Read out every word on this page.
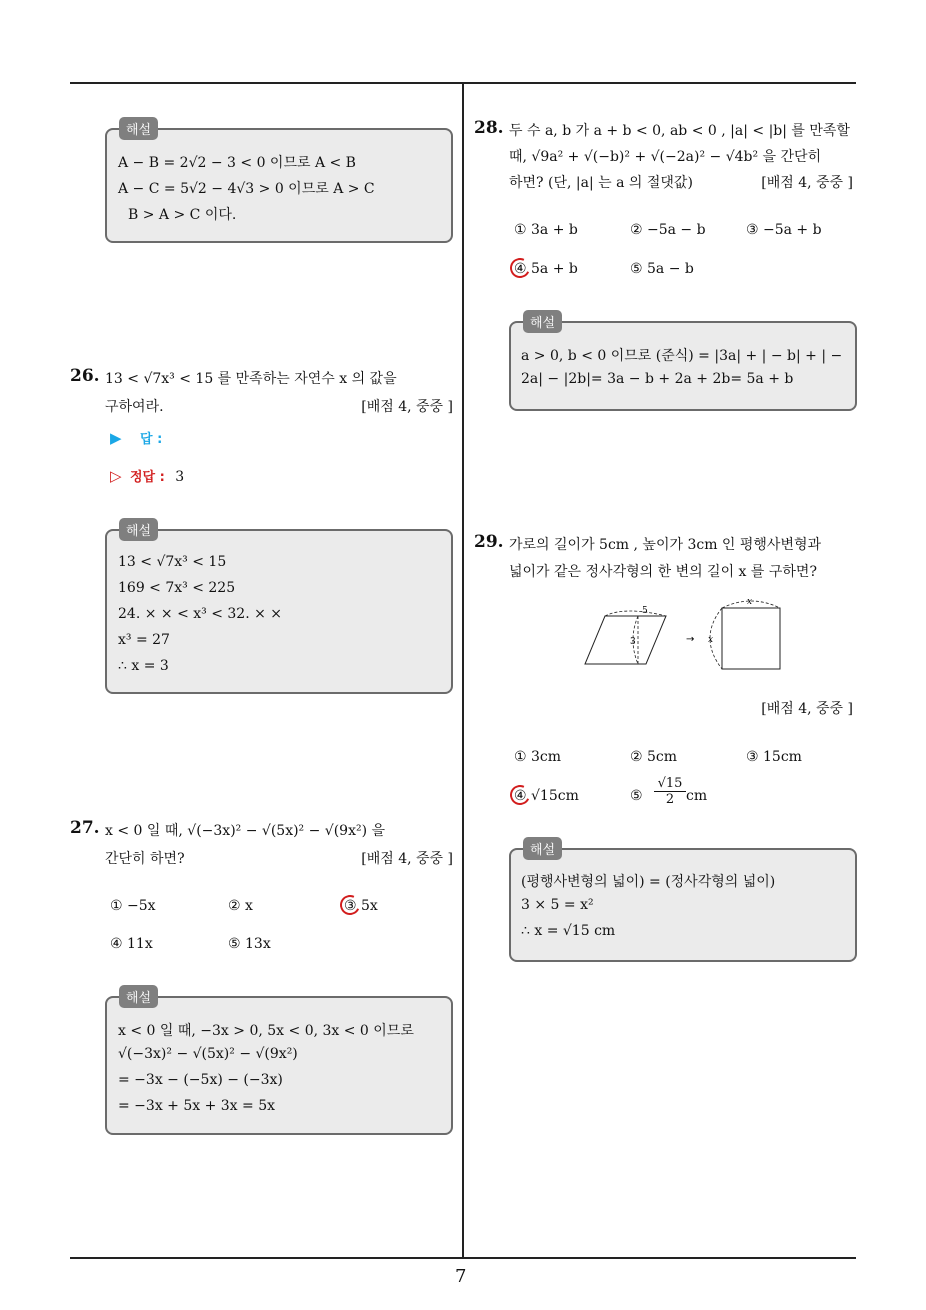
7
해설
A − B = 2√2 − 3 < 0 이므로 A < B
A − C = 5√2 − 4√3 > 0 이므로 A > C
B > A > C 이다.
26. 13 < √7x³ < 15 를 만족하는 자연수 x 의 값을
구하여라.	[배점 4, 중중 ]
▶ 답 :
▷ 정답 : 3
해설
13 < √7x³ < 15
169 < 7x³ < 225
24. × × < x³ < 32. × ×
x³ = 27
∴ x = 3
27. x < 0 일 때, √(−3x)² − √(5x)² − √(9x²) 을
간단히 하면?	[배점 4, 중중 ]
① −5x	② x	③ 5x
④ 11x	⑤ 13x
해설
x < 0 일 때, −3x > 0, 5x < 0, 3x < 0 이므로
√(−3x)² − √(5x)² − √(9x²)
= −3x − (−5x) − (−3x)
= −3x + 5x + 3x = 5x
28. 두 수 a, b 가 a + b < 0, ab < 0 , |a| < |b| 를 만족할
때, √9a² + √(−b)² + √(−2a)² − √4b² 을 간단히
하면? (단, |a| 는 a 의 절댓값)	[배점 4, 중중 ]
① 3a + b	② −5a − b	③ −5a + b
④ 5a + b	⑤ 5a − b
해설
a > 0, b < 0 이므로 (준식) = |3a| + | − b| + | −
2a| − |2b|= 3a − b + 2a + 2b= 5a + b
29. 가로의 길이가 5cm , 높이가 3cm 인 평행사변형과
넓이가 같은 정사각형의 한 변의 길이 x 를 구하면?
5
3	→
x
x
[배점 4, 중중 ]
① 3cm	② 5cm	③ 15cm
④ √15cm	⑤ $\frac{√15}{2}$ cm
해설
(평행사변형의 넓이) = (정사각형의 넓이)
3 × 5 = x²
∴ x = √15 cm
